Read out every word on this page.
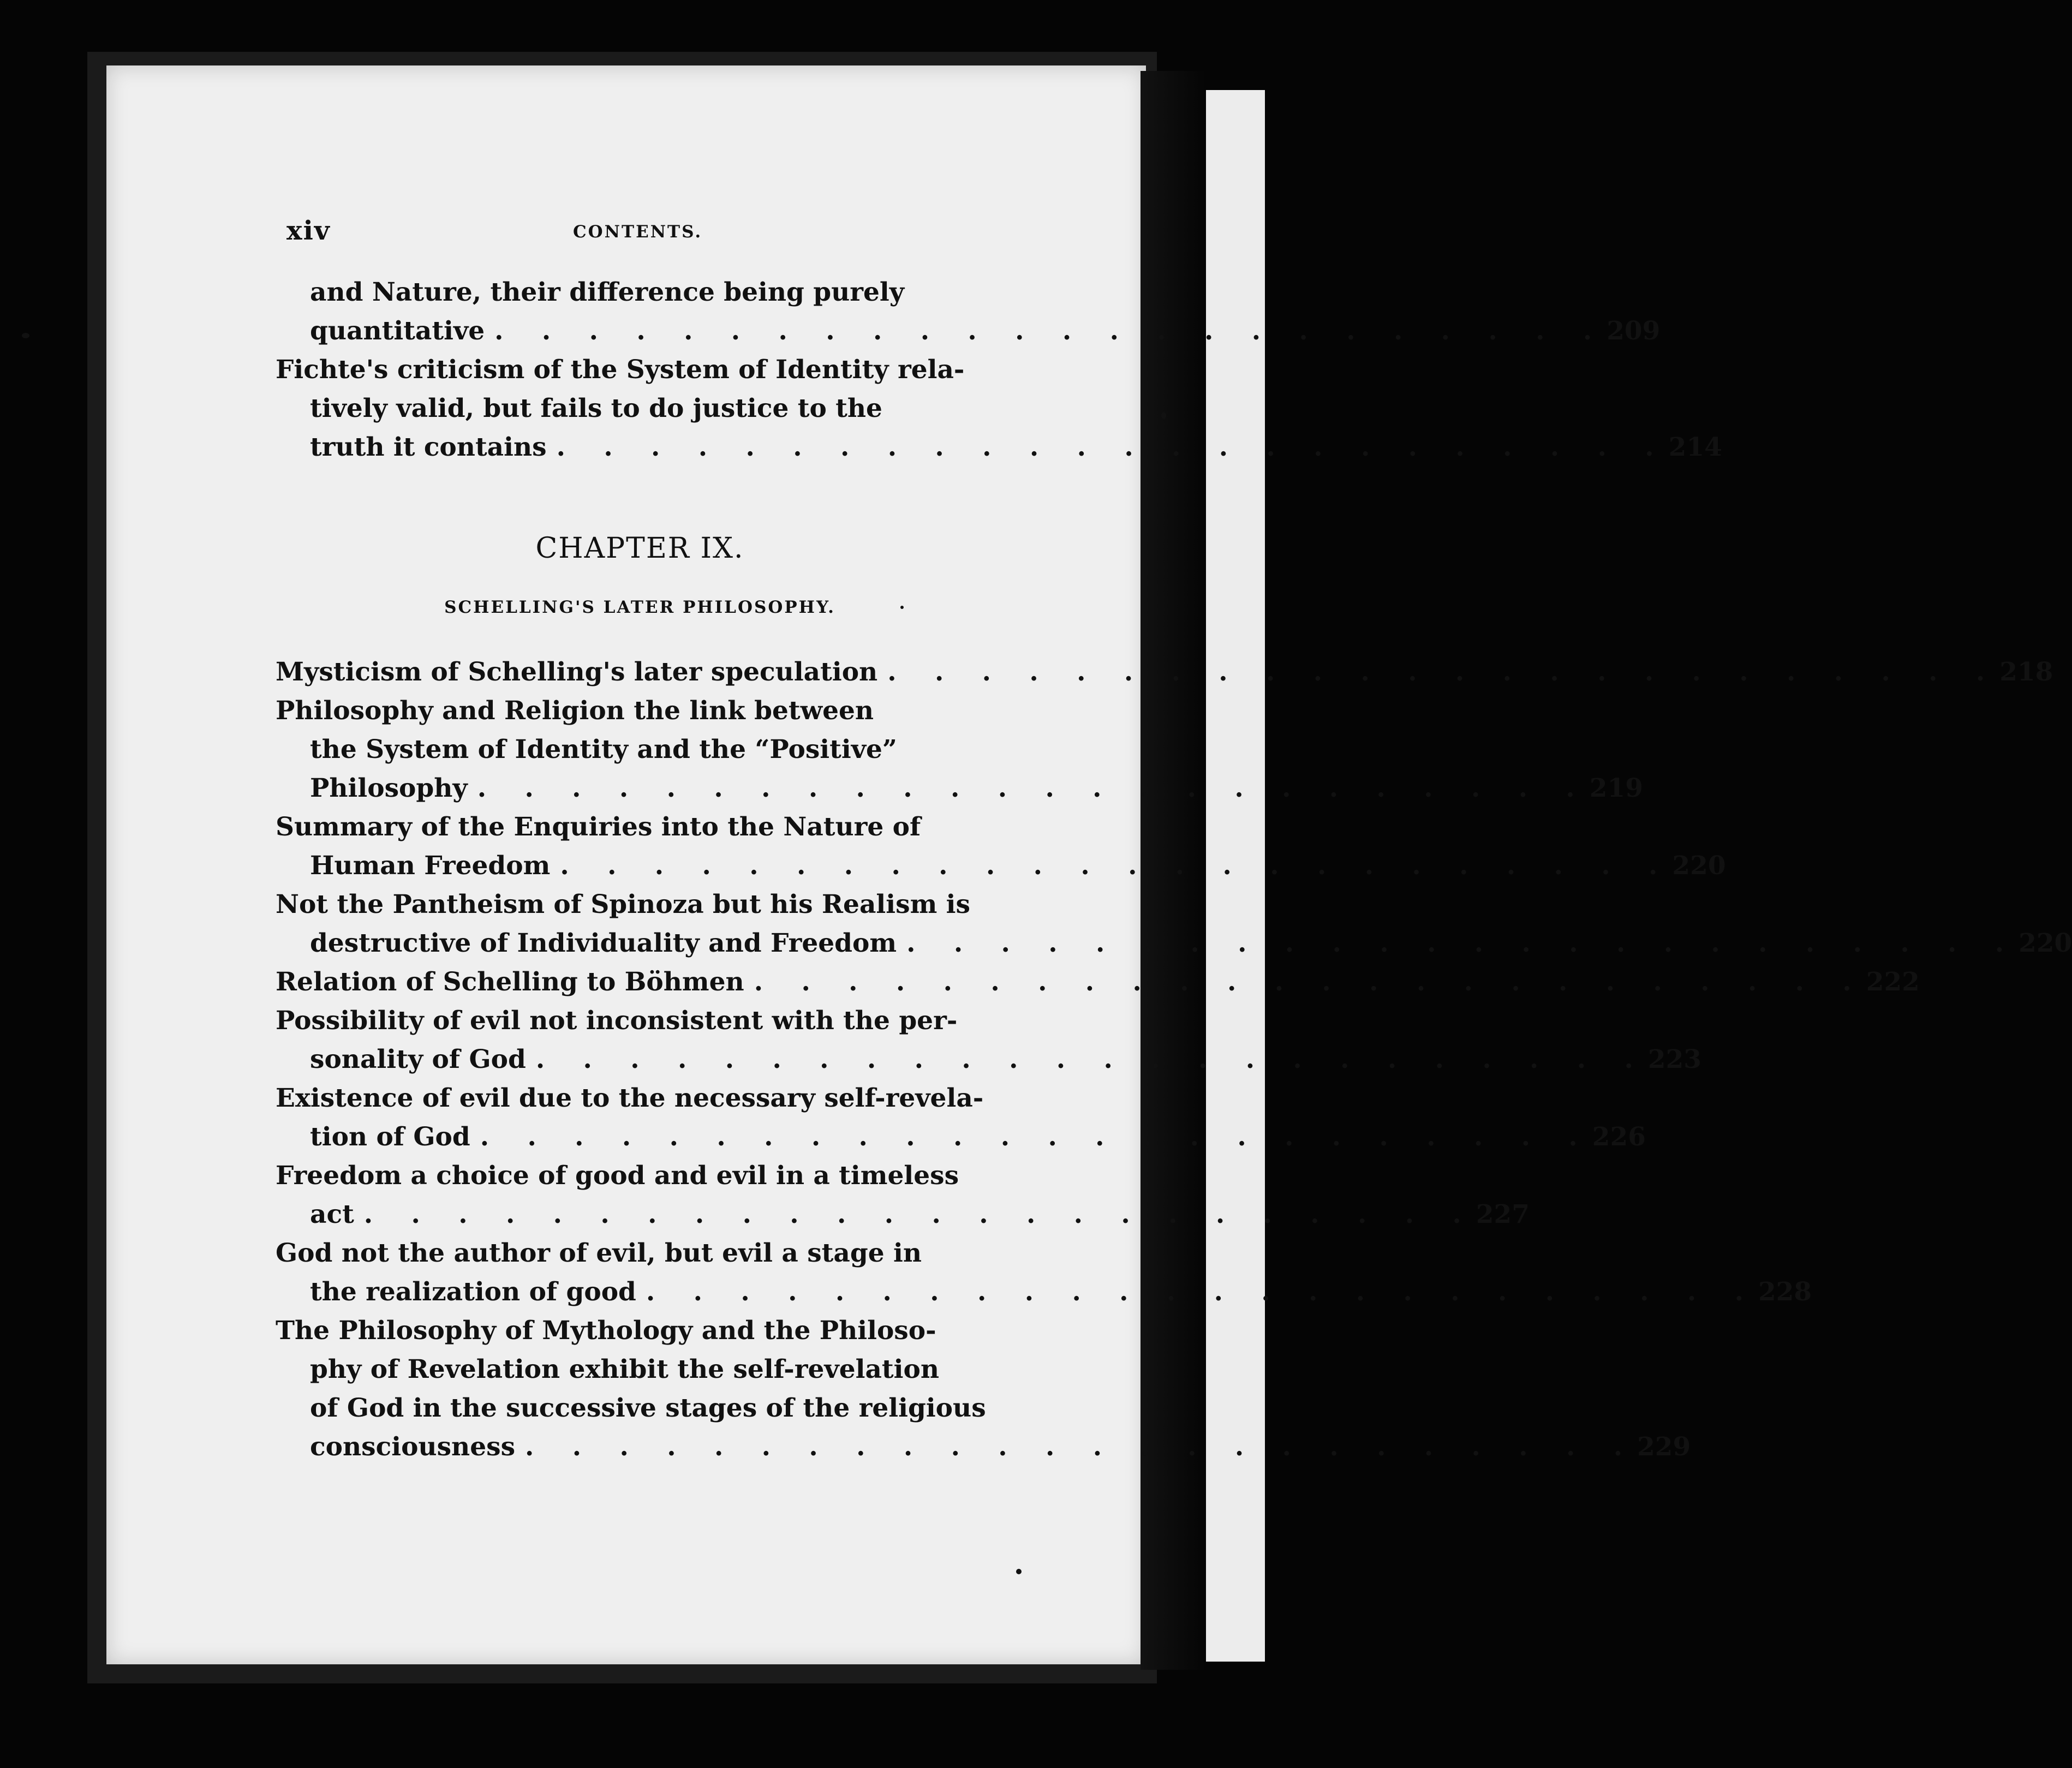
xiv	CONTENTS.
and Nature, their difference being purely
quantitative . . . . . . . . . . . . . . . . . . . . . . . . 209
Fichte's criticism of the System of Identity rela-
tively valid, but fails to do justice to the
truth it contains . . . . . . . . . . . . . . . . . . . . . . . . 214
CHAPTER IX.
SCHELLING'S LATER PHILOSOPHY.
Mysticism of Schelling's later speculation . . . . . . . . . . . . . . . . . . . . . . . . 218
Philosophy and Religion the link between
the System of Identity and the “Positive”
Philosophy . . . . . . . . . . . . . . . . . . . . . . . . 219
Summary of the Enquiries into the Nature of
Human Freedom . . . . . . . . . . . . . . . . . . . . . . . . 220
Not the Pantheism of Spinoza but his Realism is
destructive of Individuality and Freedom . . . . . . . . . . . . . . . . . . . . . . . . 220
Relation of Schelling to Böhmen . . . . . . . . . . . . . . . . . . . . . . . . 222
Possibility of evil not inconsistent with the per-
sonality of God . . . . . . . . . . . . . . . . . . . . . . . . 223
Existence of evil due to the necessary self-revela-
tion of God . . . . . . . . . . . . . . . . . . . . . . . . 226
Freedom a choice of good and evil in a timeless
act . . . . . . . . . . . . . . . . . . . . . . . . 227
God not the author of evil, but evil a stage in
the realization of good . . . . . . . . . . . . . . . . . . . . . . . . 228
The Philosophy of Mythology and the Philoso-
phy of Revelation exhibit the self-revelation
of God in the successive stages of the religious
consciousness . . . . . . . . . . . . . . . . . . . . . . . . 229
